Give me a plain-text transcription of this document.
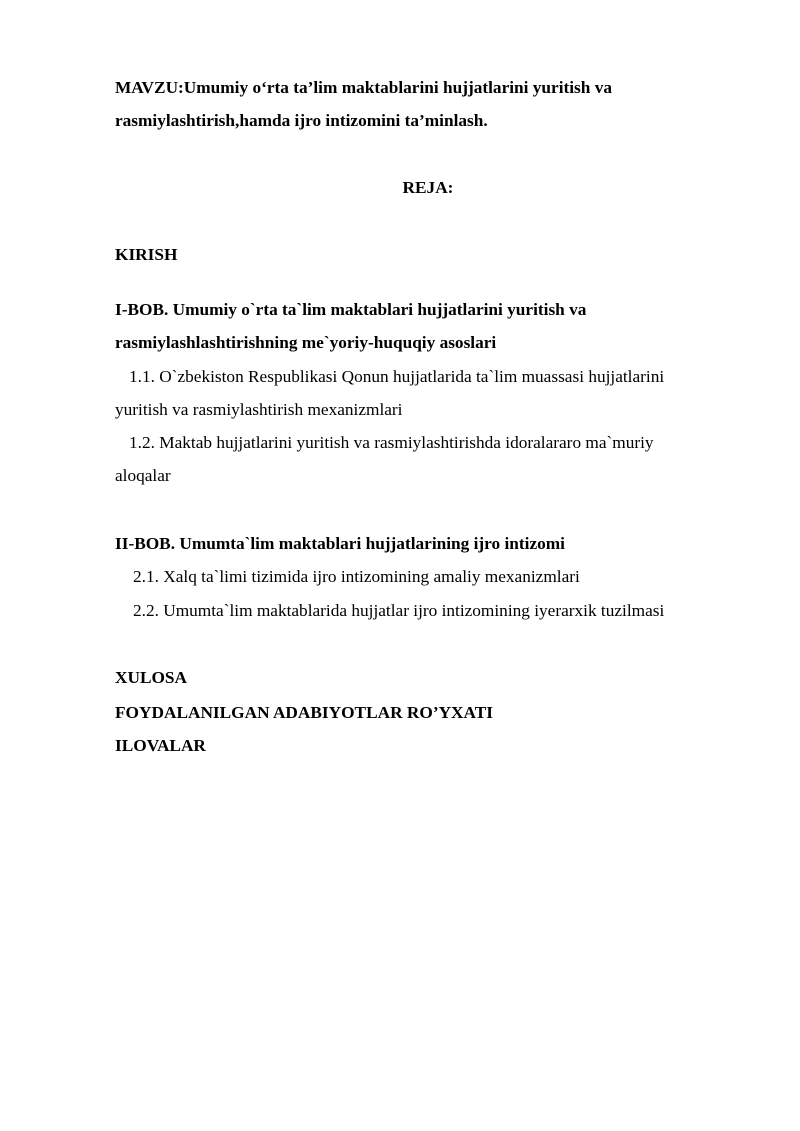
MAVZU:Umumiy o‘rta ta’lim maktablarini hujjatlarini yuritish va
rasmiylashtirish,hamda ijro intizomini ta’minlash.
REJA:
KIRISH
I-BOB. Umumiy o`rta ta`lim maktablari hujjatlarini yuritish va
rasmiylashlashtirishning me`yoriy-huquqiy asoslari
1.1. O`zbekiston Respublikasi Qonun hujjatlarida ta`lim muassasi hujjatlarini
yuritish va rasmiylashtirish mexanizmlari
1.2. Maktab hujjatlarini yuritish va rasmiylashtirishda idoralararo ma`muriy
aloqalar
II-BOB. Umumta`lim maktablari hujjatlarining ijro intizomi
2.1. Xalq ta`limi tizimida ijro intizomining amaliy mexanizmlari
2.2. Umumta`lim maktablarida hujjatlar ijro intizomining iyerarxik tuzilmasi
XULOSA
FOYDALANILGAN ADABIYOTLAR RO’YXATI
ILOVALAR
